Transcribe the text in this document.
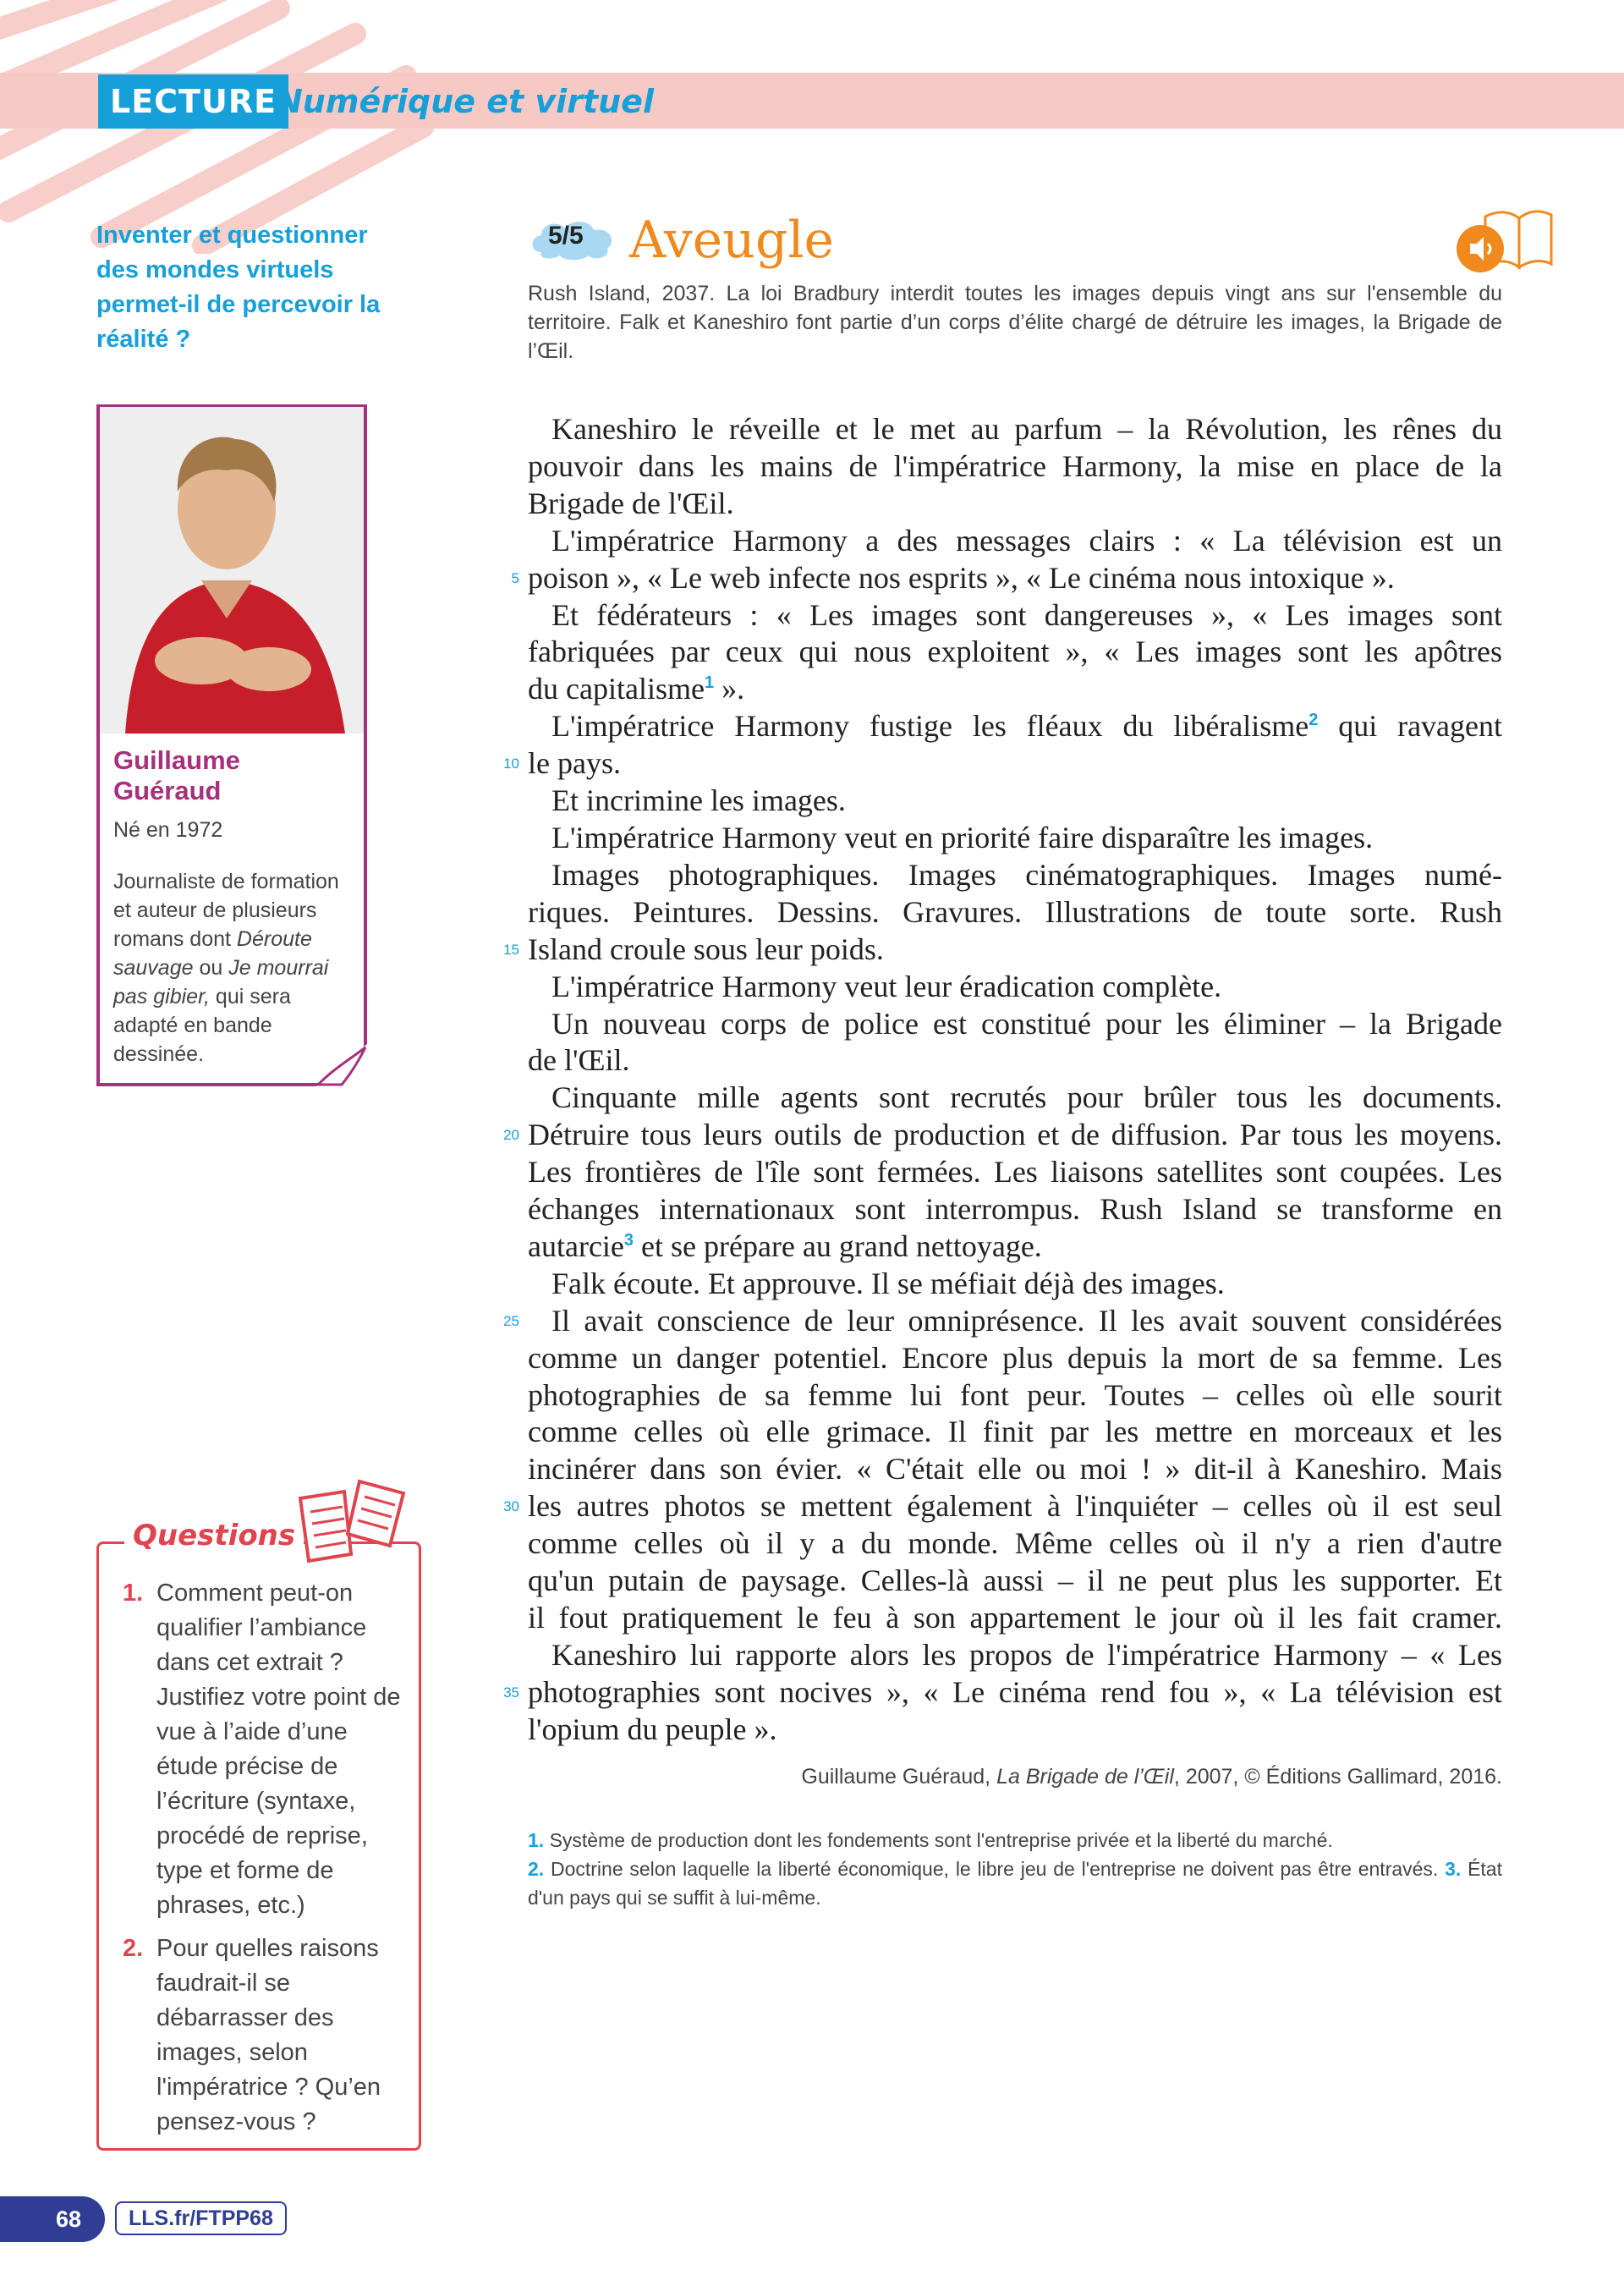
LECTURE
Numérique et virtuel
Inventer et questionner des mondes virtuels permet-il de percevoir la réalité ?
Guillaume
Guéraud
Né en 1972
Journaliste de formation et auteur de plusieurs romans dont Déroute sauvage ou Je mourrai pas gibier, qui sera adapté en bande dessinée.
Questions
1. Comment peut-on qualifier l’ambiance dans cet extrait ? Justifiez votre point de vue à l’aide d’une étude précise de l’écriture (syntaxe, procédé de reprise, type et forme de phrases, etc.)
2. Pour quelles raisons faudrait-il se débarrasser des images, selon l'impératrice ? Qu’en pensez-vous ?
5/5 Aveugle
Rush Island, 2037. La loi Bradbury interdit toutes les images depuis vingt ans sur l'ensemble du territoire. Falk et Kaneshiro font partie d’un corps d’élite chargé de détruire les images, la Brigade de l’Œil.
Kaneshiro le réveille et le met au parfum – la Révolution, les rênes du
pouvoir dans les mains de l'impératrice Harmony, la mise en place de la
Brigade de l'Œil.
L'impératrice Harmony a des messages clairs : « La télévision est un
5 poison », « Le web infecte nos esprits », « Le cinéma nous intoxique ».
Et fédérateurs : « Les images sont dangereuses », « Les images sont
fabriquées par ceux qui nous exploitent », « Les images sont les apôtres
du capitalisme$^1$ ».
L'impératrice Harmony fustige les fléaux du libéralisme$^2$ qui ravagent
10 le pays.
Et incrimine les images.
L'impératrice Harmony veut en priorité faire disparaître les images.
Images photographiques. Images cinématographiques. Images numé-
riques. Peintures. Dessins. Gravures. Illustrations de toute sorte. Rush
15 Island croule sous leur poids.
L'impératrice Harmony veut leur éradication complète.
Un nouveau corps de police est constitué pour les éliminer – la Brigade
de l'Œil.
Cinquante mille agents sont recrutés pour brûler tous les documents.
20 Détruire tous leurs outils de production et de diffusion. Par tous les moyens.
Les frontières de l'île sont fermées. Les liaisons satellites sont coupées. Les
échanges internationaux sont interrompus. Rush Island se transforme en
autarcie$^3$ et se prépare au grand nettoyage.
Falk écoute. Et approuve. Il se méfiait déjà des images.
25	Il avait conscience de leur omniprésence. Il les avait souvent considérées
comme un danger potentiel. Encore plus depuis la mort de sa femme. Les
photographies de sa femme lui font peur. Toutes – celles où elle sourit
comme celles où elle grimace. Il finit par les mettre en morceaux et les
incinérer dans son évier. « C'était elle ou moi ! » dit-il à Kaneshiro. Mais
30 les autres photos se mettent également à l'inquiéter – celles où il est seul
comme celles où il y a du monde. Même celles où il n'y a rien d'autre
qu'un putain de paysage. Celles-là aussi – il ne peut plus les supporter. Et
il fout pratiquement le feu à son appartement le jour où il les fait cramer.
Kaneshiro lui rapporte alors les propos de l'impératrice Harmony – « Les
35 photographies sont nocives », « Le cinéma rend fou », « La télévision est
l'opium du peuple ».
Guillaume Guéraud, La Brigade de l’Œil, 2007, © Éditions Gallimard, 2016.
1. Système de production dont les fondements sont l'entreprise privée et la liberté du marché.
2. Doctrine selon laquelle la liberté économique, le libre jeu de l'entreprise ne doivent pas être entravés. 3. État d'un pays qui se suffit à lui-même.
68	LLS.fr/FTPP68
